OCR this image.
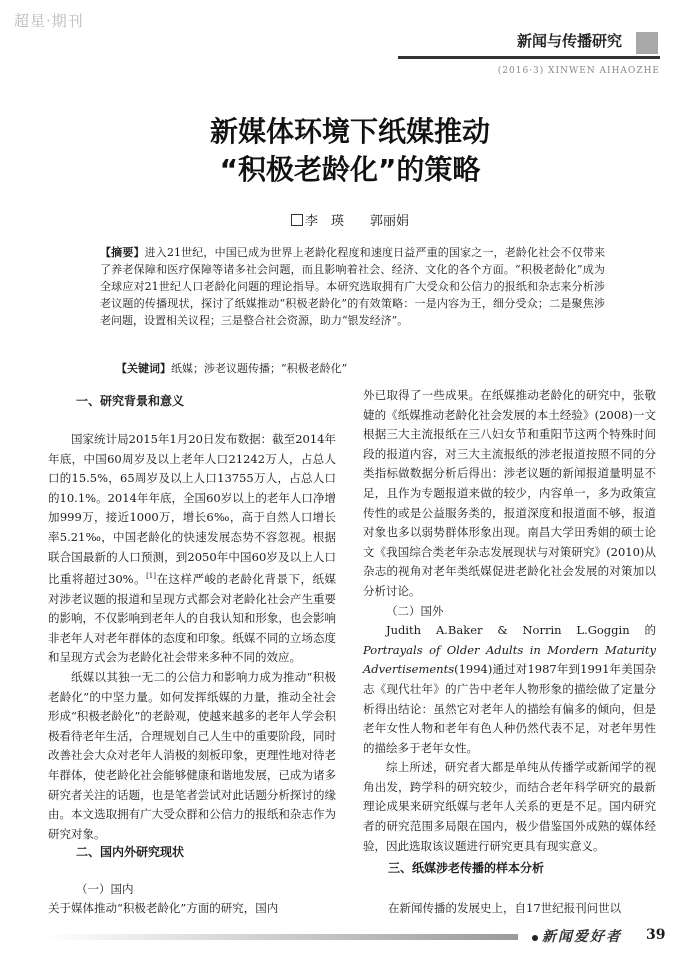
超星·期刊
新闻与传播研究
(2016·3) XINWEN AIHAOZHE
新媒体环境下纸媒推动
“积极老龄化”的策略
李　瑛 郭丽娟
【摘要】进入21世纪，中国已成为世界上老龄化程度和速度日益严重的国家之一，老龄化社会不仅带来了养老保障和医疗保障等诸多社会问题，而且影响着社会、经济、文化的各个方面。“积极老龄化”成为全球应对21世纪人口老龄化问题的理论指导。本研究选取拥有广大受众和公信力的报纸和杂志来分析涉老议题的传播现状，探讨了纸媒推动“积极老龄化”的有效策略：一是内容为王，细分受众；二是聚焦涉老问题，设置相关议程；三是整合社会资源，助力“银发经济”。
【关键词】纸媒；涉老议题传播；“积极老龄化”
一、研究背景和意义

国家统计局2015年1月20日发布数据：截至2014年年底，中国60周岁及以上老年人口21242万人，占总人口的15.5%，65周岁及以上人口13755万人，占总人口的10.1%。2014年年底，全国60岁以上的老年人口净增加999万，接近1000万，增长6‰，高于自然人口增长率5.21‰，中国老龄化的快速发展态势不容忽视。根据联合国最新的人口预测，到2050年中国60岁及以上人口比重将超过30%。[1]在这样严峻的老龄化背景下，纸媒对涉老议题的报道和呈现方式都会对老龄化社会产生重要的影响，不仅影响到老年人的自我认知和形象，也会影响非老年人对老年群体的态度和印象。纸媒不同的立场态度和呈现方式会为老龄化社会带来多种不同的效应。

纸媒以其独一无二的公信力和影响力成为推动“积极老龄化”的中坚力量。如何发挥纸媒的力量，推动全社会形成“积极老龄化”的老龄观，使越来越多的老年人学会积极看待老年生活，合理规划自己人生中的重要阶段，同时改善社会大众对老年人消极的刻板印象，更理性地对待老年群体，使老龄化社会能够健康和谐地发展，已成为诸多研究者关注的话题，也是笔者尝试对此话题分析探讨的缘由。本文选取拥有广大受众群和公信力的报纸和杂志作为研究对象。

二、国内外研究现状
（一）国内
关于媒体推动“积极老龄化”方面的研究，国内

外已取得了一些成果。在纸媒推动老龄化的研究中，张敬婕的《纸媒推动老龄化社会发展的本土经验》(2008)一文根据三大主流报纸在三八妇女节和重阳节这两个特殊时间段的报道内容，对三大主流报纸的涉老报道按照不同的分类指标做数据分析后得出：涉老议题的新闻报道量明显不足，且作为专题报道来做的较少，内容单一，多为政策宣传性的或是公益服务类的，报道深度和报道面不够，报道对象也多以弱势群体形象出现。南昌大学田秀娟的硕士论文《我国综合类老年杂志发展现状与对策研究》(2010)从杂志的视角对老年类纸媒促进老龄化社会发展的对策加以分析讨论。

（二）国外

Judith A.Baker & Norrin L.Goggin 的 Portrayals of Older Adults in Mordern Maturity Advertisements(1994)通过对1987年到1991年美国杂志《现代壮年》的广告中老年人物形象的描绘做了定量分析得出结论：虽然它对老年人的描绘有偏多的倾向，但是老年女性人物和老年有色人种仍然代表不足，对老年男性的描绘多于老年女性。

综上所述，研究者大都是单纯从传播学或新闻学的视角出发，跨学科的研究较少，而结合老年科学研究的最新理论成果来研究纸媒与老年人关系的更是不足。国内研究者的研究范围多局限在国内，极少借鉴国外成熟的媒体经验，因此选取该议题进行研究更具有现实意义。

三、纸媒涉老传播的样本分析
在新闻传播的发展史上，自17世纪报刊问世以
新闻爱好者 39
